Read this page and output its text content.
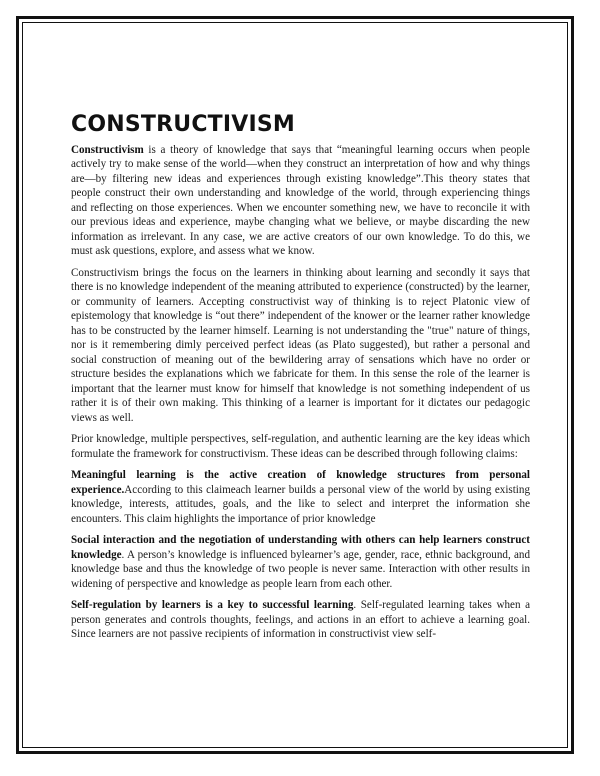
CONSTRUCTIVISM

Constructivism is a theory of knowledge that says that “meaningful learning occurs when people actively try to make sense of the world—when they construct an interpretation of how and why things are—by filtering new ideas and experiences through existing knowledge”.This theory states that people construct their own understanding and knowledge of the world, through experiencing things and reflecting on those experiences. When we encounter something new, we have to reconcile it with our previous ideas and experience, maybe changing what we believe, or maybe discarding the new information as irrelevant. In any case, we are active creators of our own knowledge. To do this, we must ask questions, explore, and assess what we know.

Constructivism brings the focus on the learners in thinking about learning and secondly it says that there is no knowledge independent of the meaning attributed to experience (constructed) by the learner, or community of learners. Accepting constructivist way of thinking is to reject Platonic view of epistemology that knowledge is “out there” independent of the knower or the learner rather knowledge has to be constructed by the learner himself. Learning is not understanding the "true" nature of things, nor is it remembering dimly perceived perfect ideas (as Plato suggested), but rather a personal and social construction of meaning out of the bewildering array of sensations which have no order or structure besides the explanations which we fabricate for them. In this sense the role of the learner is important that the learner must know for himself that knowledge is not something independent of us rather it is of their own making. This thinking of a learner is important for it dictates our pedagogic views as well.

Prior knowledge, multiple perspectives, self-regulation, and authentic learning are the key ideas which formulate the framework for constructivism. These ideas can be described through following claims:

Meaningful learning is the active creation of knowledge structures from personal experience.According to this claimeach learner builds a personal view of the world by using existing knowledge, interests, attitudes, goals, and the like to select and interpret the information she encounters. This claim highlights the importance of prior knowledge

Social interaction and the negotiation of understanding with others can help learners construct knowledge. A person’s knowledge is influenced bylearner’s age, gender, race, ethnic background, and knowledge base and thus the knowledge of two people is never same. Interaction with other results in widening of perspective and knowledge as people learn from each other.

Self-regulation by learners is a key to successful learning. Self-regulated learning takes when a person generates and controls thoughts, feelings, and actions in an effort to achieve a learning goal. Since learners are not passive recipients of information in constructivist view self-
